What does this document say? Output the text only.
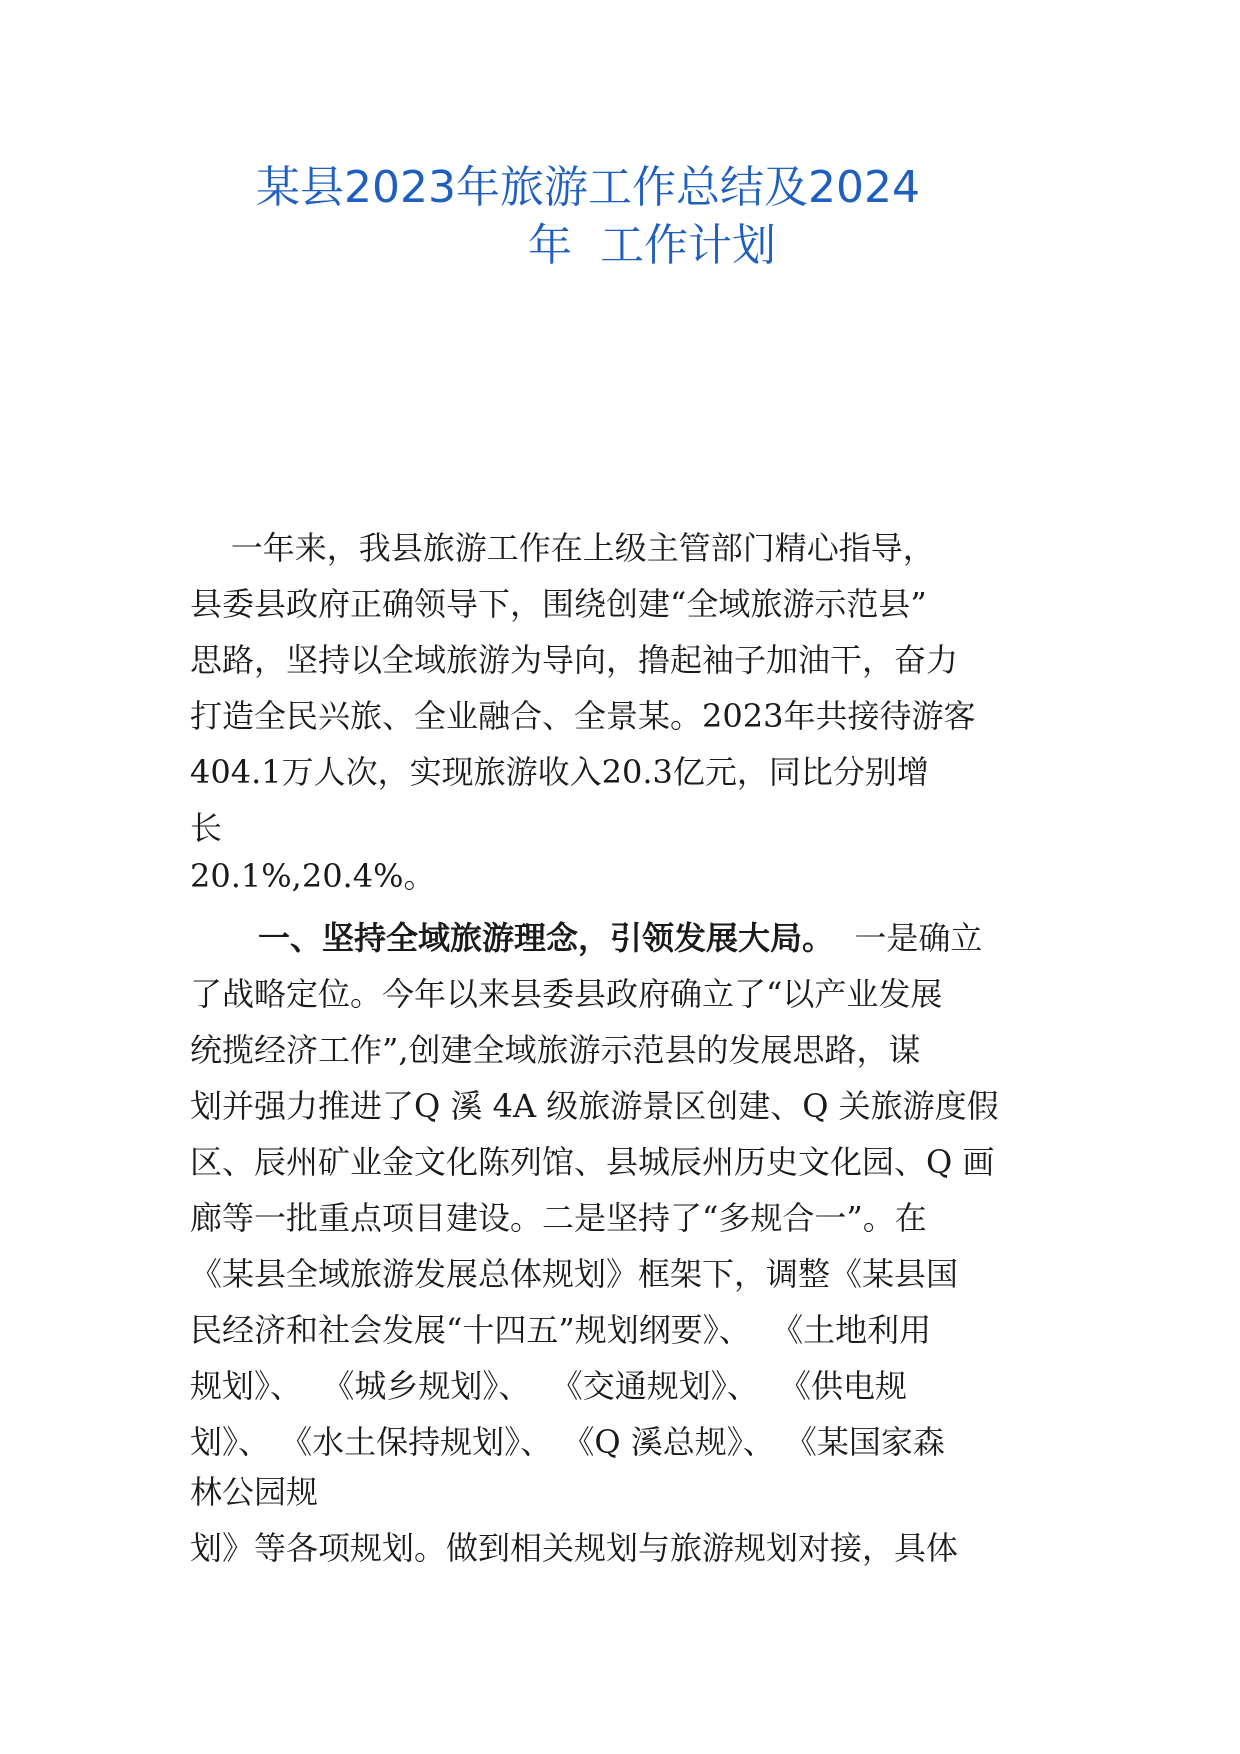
某县2023年旅游工作总结及2024
年  工作计划
一年来，我县旅游工作在上级主管部门精心指导，
县委县政府正确领导下，围绕创建“全域旅游示范县”
思路，坚持以全域旅游为导向，撸起袖子加油干，奋力
打造全民兴旅、全业融合、全景某。2023年共接待游客
404.1万人次，实现旅游收入20.3亿元，同比分别增
长
20.1%,20.4%。
一、坚持全域旅游理念，引领发展大局。  一是确立
了战略定位。今年以来县委县政府确立了“以产业发展
统揽经济工作”,创建全域旅游示范县的发展思路，谋
划并强力推进了Q 溪 4A 级旅游景区创建、Q 关旅游度假
区、辰州矿业金文化陈列馆、县城辰州历史文化园、Q 画
廊等一批重点项目建设。二是坚持了“多规合一”。在
《某县全域旅游发展总体规划》框架下，调整《某县国
民经济和社会发展“十四五”规划纲要》、  《土地利用
规划》、  《城乡规划》、  《交通规划》、  《供电规
划》、 《水土保持规划》、 《Q 溪总规》、 《某国家森
林公园规
划》等各项规划。做到相关规划与旅游规划对接，具体
